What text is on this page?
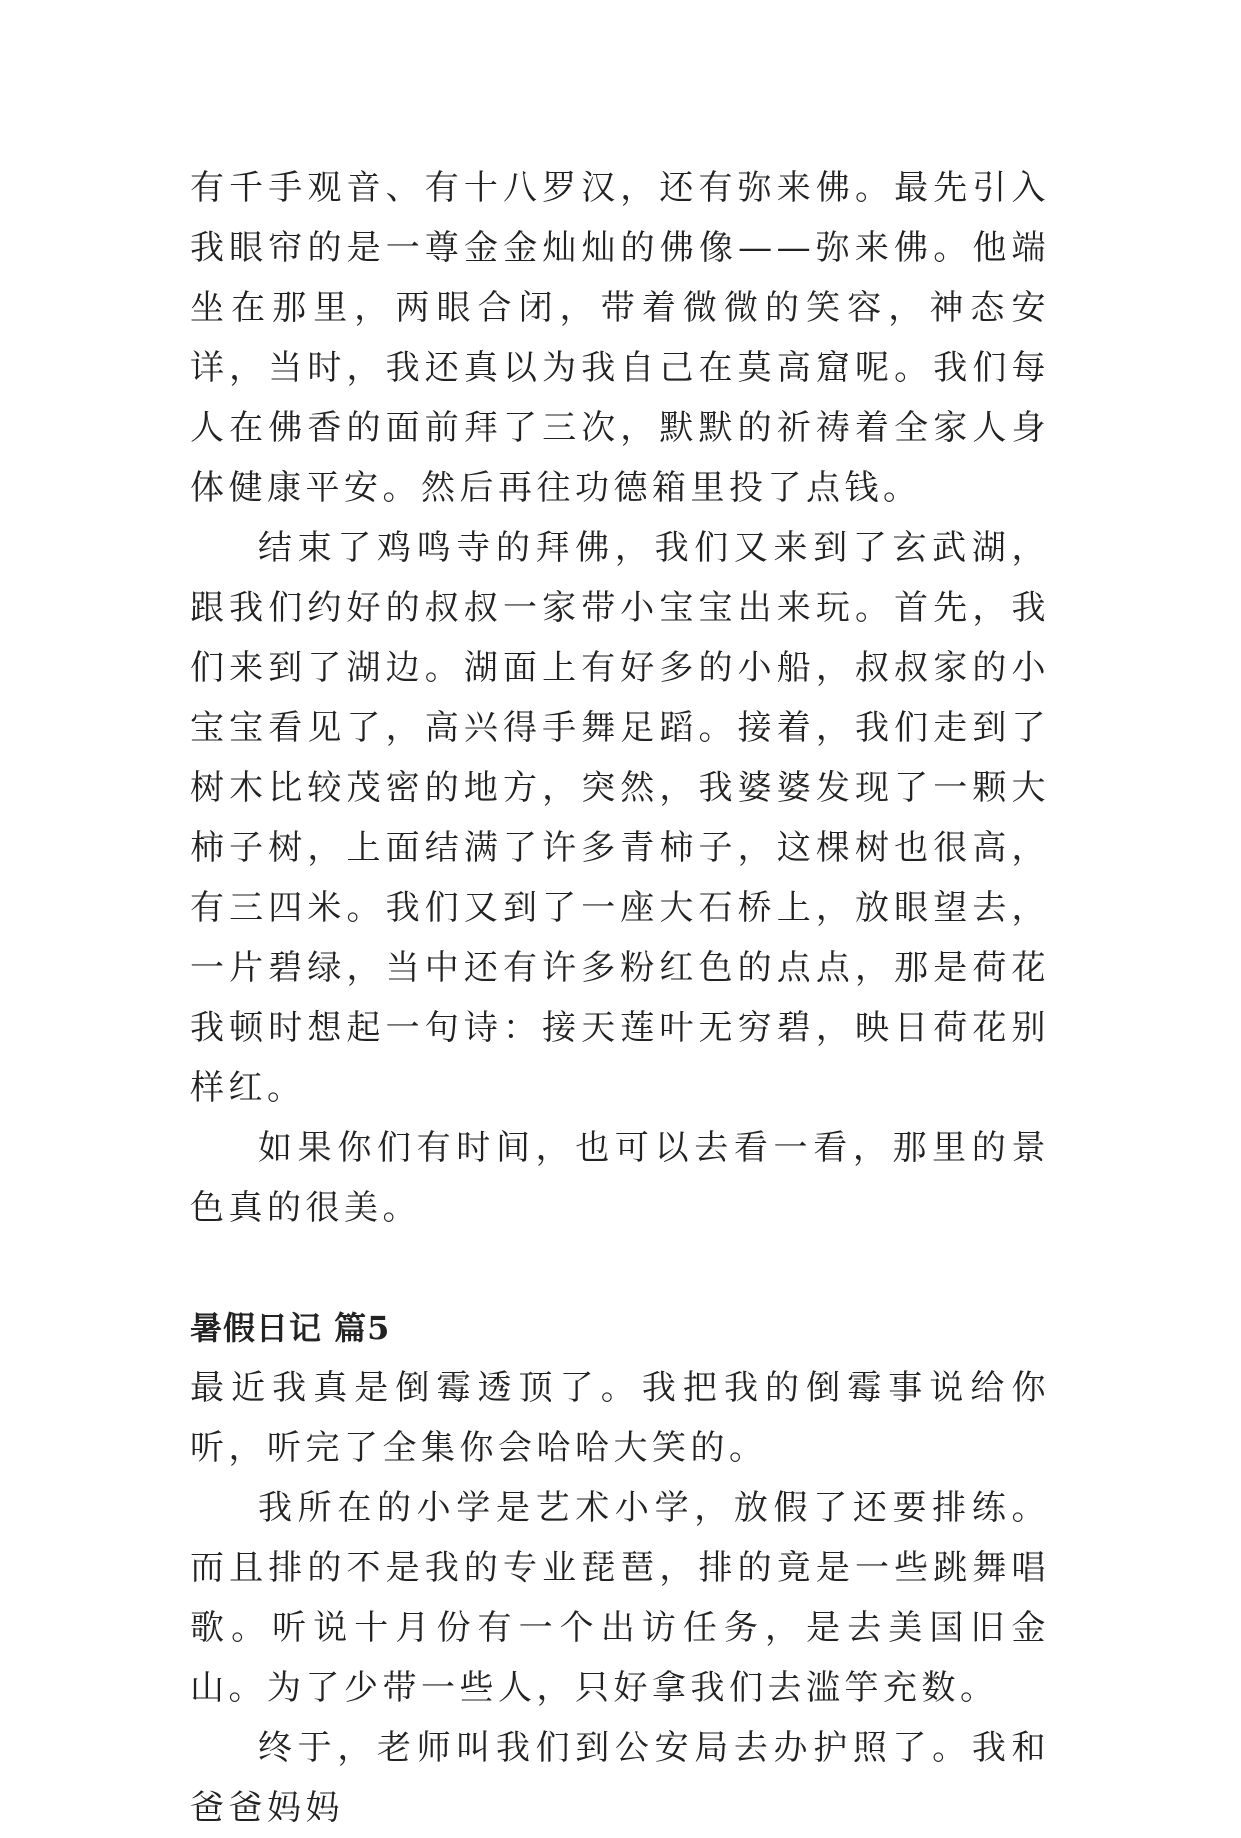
有千手观音、有十八罗汉，还有弥来佛。最先引入我眼帘的是一尊金金灿灿的佛像——弥来佛。他端坐在那里，两眼合闭，带着微微的笑容，神态安详，当时，我还真以为我自己在莫高窟呢。我们每人在佛香的面前拜了三次，默默的祈祷着全家人身体健康平安。然后再往功德箱里投了点钱。

结束了鸡鸣寺的拜佛，我们又来到了玄武湖，跟我们约好的叔叔一家带小宝宝出来玩。首先，我们来到了湖边。湖面上有好多的小船，叔叔家的小宝宝看见了，高兴得手舞足蹈。接着，我们走到了树木比较茂密的地方，突然，我婆婆发现了一颗大柿子树，上面结满了许多青柿子，这棵树也很高，有三四米。我们又到了一座大石桥上，放眼望去，一片碧绿，当中还有许多粉红色的点点，那是荷花我顿时想起一句诗：接天莲叶无穷碧，映日荷花别样红。

如果你们有时间，也可以去看一看，那里的景色真的很美。

暑假日记 篇5

最近我真是倒霉透顶了。我把我的倒霉事说给你听，听完了全集你会哈哈大笑的。

我所在的小学是艺术小学，放假了还要排练。而且排的不是我的专业琵琶，排的竟是一些跳舞唱歌。听说十月份有一个出访任务，是去美国旧金山。为了少带一些人，只好拿我们去滥竽充数。

终于，老师叫我们到公安局去办护照了。我和爸爸妈妈
